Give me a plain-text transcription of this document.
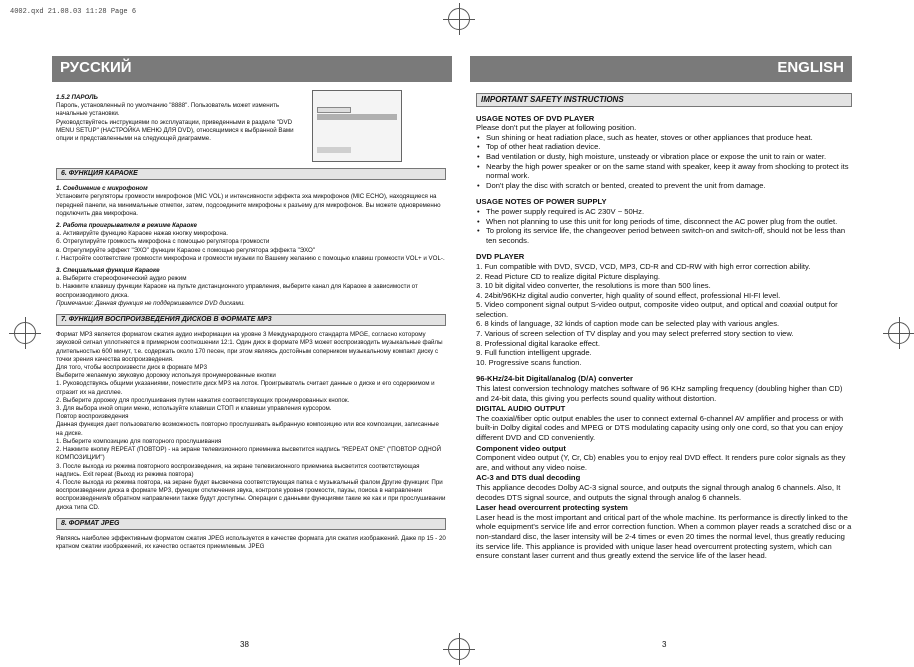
4002.qxd 21.08.03 11:28 Page 6
РУССКИЙ	ENGLISH
1.5.2 ПАРОЛЬ

Пароль, установленный по умолчанию "8888". Пользователь может изменить начальные установки.

Руководствуйтесь инструкциями по эксплуатации, приведенными в разделе "DVD MENU SETUP" (НАСТРОЙКА МЕНЮ ДЛЯ DVD), относящимися к выбранной Вами опции и представленными на следующей диаграмме.

6. ФУНКЦИЯ КАРАОКЕ
1. Соединение с микрофоном

Установите регуляторы громкости микрофонов (MIC VOL) и интенсивности эффекта эха микрофонов (MIC ECHO), находящиеся на передней панели, на минимальные отметки, затем, подсоедините микрофоны к разъему для микрофонов. Вы можете одновременно подключить два микрофона.

2. Работа проигрывателя в режиме Караоке

а. Активируйте функцию Караоке нажав кнопку микрофона.

б. Отрегулируйте громкость микрофона с помощью регулятора громкости

в. Отрегулируйте эффект "ЭХО" функции Караоке с помощью регулятора эффекта "ЭХО"

г. Настройте соответствие громкости микрофона и громкости музыки по Вашему желанию с помощью клавиш громкости VOL+ и VOL-.

3. Специальная функция Караоке

а. Выберите стереофонический аудио режим

b. Нажмите клавишу функции Караоке на пульте дистанционного управления, выберите канал для Караоке в зависимости от воспроизводимого диска.

Примечание: Данная функция не поддерживается DVD дисками.

7. ФУНКЦИЯ ВОСПРОИЗВЕДЕНИЯ ДИСКОВ В ФОРМАТЕ MP3

Формат MP3 является форматом сжатия аудио информации на уровне 3 Международного стандарта MPGE, согласно которому звуковой сигнал уплотняется в примерном соотношении 12:1. Один диск в формате MP3 может воспроизводить музыкальные файлы длительностью 600 минут, т.е. содержать около 170 песен, при этом являясь достойным соперником музыкальному компакт диску с точки зрения качества воспроизведения.

Для того, чтобы воспроизвести диск в формате MP3

Выберите желаемую звуковую дорожку используя пронумерованные кнопки

1. Руководствуясь общими указаниями, поместите диск MP3 на лоток. Проигрыватель считает данные о диске и его содержимом и отразит их на дисплее.

2. Выберите дорожку для прослушивания путем нажатия соответствующих пронумерованных кнопок.

3. Для выбора иной опции меню, используйте клавиши СТОП и клавиши управления курсором.

Повтор воспроизведения

Данная функция дает пользователю возможность повторно прослушивать выбранную композицию или все композиции, записанные на диске.

1. Выберите композицию для повторного прослушивания

2. Нажмите кнопку REPEAT (ПОВТОР) - на экране телевизионного приемника высветится надпись "REPEAT ONE" ("ПОВТОР ОДНОЙ КОМПОЗИЦИИ")

3. После выхода из режима повторного воспроизведения, на экране телевизионного приемника высветится соответствующая надпись. Exit repeat (Выход из режима повтора)

4. После выхода из режима повтора, на экране будет высвечена соответствующая папка с музыкальный фалом Другие функции: При воспроизведении диска в формате MP3, функции отключения звука, контроля уровня громкости, паузы, поиска в направлении воспроизведения/в обратном направлении также будут доступны. Операции с данными функциями такие же как и при прослушивании диска типа CD.

8. ФОРМАТ JPEG

Являясь наиболее эффективным форматом сжатия JPEG используется в качестве формата для сжатия изображений. Даже пр 15 - 20 кратном сжатии изображений, их качество остается приемлемым. JPEG

IMPORTANT SAFETY INSTRUCTIONS
USAGE NOTES OF DVD PLAYER

Please don't put the player at following position.

• Sun shining or heat radiation place, such as heater, stoves or other appliances that produce heat.
• Top of other heat radiation device.
• Bad ventilation or dusty, high moisture, unsteady or vibration place or expose the unit to rain or water.
• Nearby the high power speaker or on the same stand with speaker, keep it away from shocking to protect its normal work.
• Don't play the disc with scratch or bented, created to prevent the unit from damage.
USAGE NOTES OF POWER SUPPLY
• The power supply required is AC 230V ~ 50Hz.
• When not planning to use this unit for long periods of time, disconnect the AC power plug from the outlet.
• To prolong its service life, the changeover period between switch-on and switch-off, should not be less than ten seconds.
DVD PLAYER

1. Fun compatible with DVD, SVCD, VCD, MP3, CD-R and CD-RW with high error correction ability.

2. Read Picture CD to realize digital Picture displaying.

3. 10 bit digital video converter, the resolutions is more than 500 lines.

4. 24bit/96KHz digital audio converter, high quality of sound effect, professional HI-FI level.

5. Video component signal output S-video output, composite video output, and optical and coaxial output for selection.

6. 8 kinds of language, 32 kinds of caption mode can be selected play with various angles.

7. Various of screen selection of TV display and you may select preferred story section to view.

8. Professional digital karaoke effect.

9. Full function intelligent upgrade.

10. Progressive scans function.

96-KHz/24-bit Digital/analog (D/A) converter

This latest conversion technology matches software of 96 KHz sampling frequency (doubling higher than CD) and 24-bit data, this giving you perfects sound quality without distortion.

DIGITAL AUDIO OUTPUT

The coaxial/fiber optic output enables the user to connect external 6-channel AV amplifier and process or with built-in Dolby digital codes and MPEG or DTS modulating capacity using only one cord, so that you can enjoy different DVD and CD conveniently.

Component video output

Component video output (Y, Cr, Cb) enables you to enjoy real DVD effect. It renders pure color signals as they are, and without any video noise.

AC-3 and DTS dual decoding

This appliance decodes Dolby AC-3 signal source, and outputs the signal through analog 6 channels. Also, It decodes DTS signal source, and outputs the signal through analog 6 channels.

Laser head overcurrent protecting system

Laser head is the most important and critical part of the whole machine. Its performance is directly linked to the whole equipment's service life and error correction function. When a common player reads a scratched disc or a non-standard disc, the laser intensity will be 2-4 times or even 20 times the normal level, thus greatly reducing its service life. This appliance is provided with unique laser head overcurrent protecting system, which can ensure constant laser current and thus greatly extend the service life of the laser head.

38	3
